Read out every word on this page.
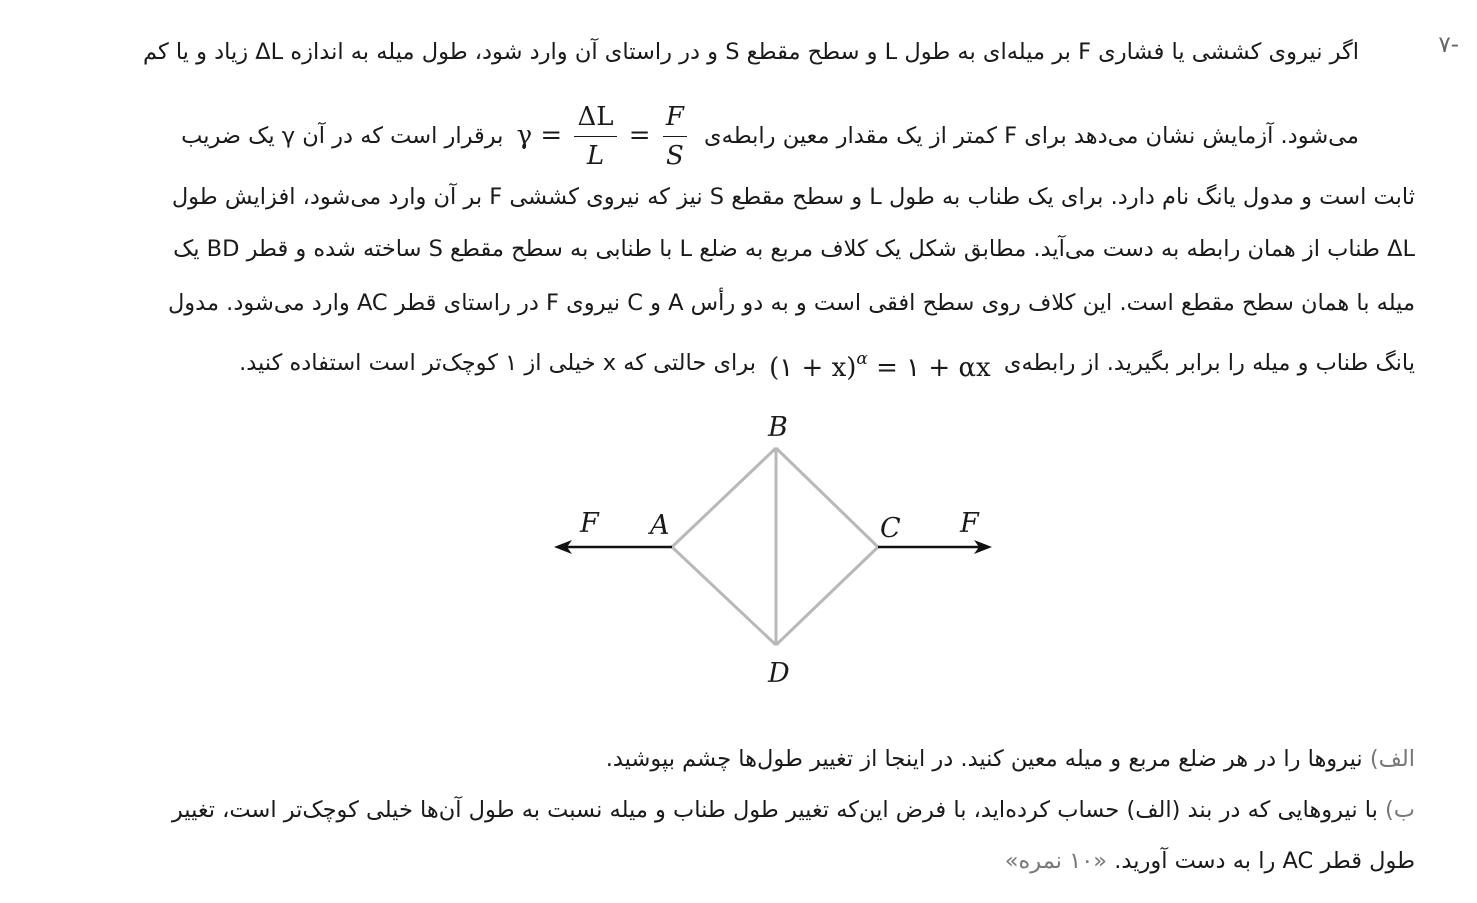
-۷
اگر نیروی کششی یا فشاری F بر میله‌ای به طول L و سطح مقطع S و در راستای آن وارد شود، طول میله به اندازه ΔL زیاد و یا کم
می‌شود. آزمایش نشان می‌دهد برای F کمتر از یک مقدار معین رابطه‌ی $\gamma = \frac{\Delta L}{L} = \frac{F}{S}$
برقرار است که در آن γ یک ضریب
ثابت است و مدول یانگ نام دارد. برای یک طناب به طول L و سطح مقطع S نیز که نیروی کششی F بر آن وارد می‌شود، افزایش طول
ΔL طناب از همان رابطه به دست می‌آید. مطابق شکل یک کلاف مربع به ضلع L با طنابی به سطح مقطع S ساخته شده و قطر BD یک
میله با همان سطح مقطع است. این کلاف روی سطح افقی است و به دو رأس A و C نیروی F در راستای قطر AC وارد می‌شود. مدول
یانگ طناب و میله را برابر بگیرید. از رابطه‌ی (۱ + x)$^\alpha$ = ۱ + αx برای حالتی که x خیلی از ۱ کوچک‌تر است استفاده کنید.
B
D
A	C
F	F
الف) نیروها را در هر ضلع مربع و میله معین کنید. در اینجا از تغییر طول‌ها چشم بپوشید.
ب) با نیروهایی که در بند (الف) حساب کرده‌اید، با فرض این‌که تغییر طول طناب و میله نسبت به طول آن‌ها خیلی کوچک‌تر است، تغییر
طول قطر AC را به دست آورید. «۱۰ نمره»
